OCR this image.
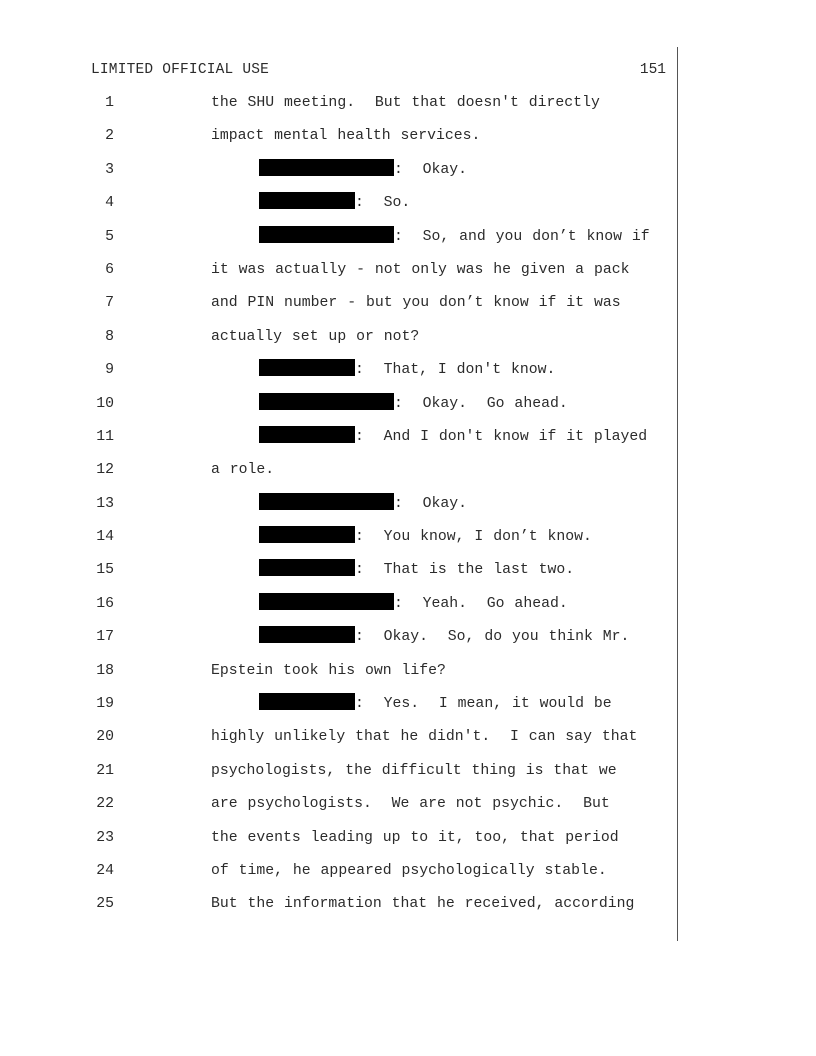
LIMITED OFFICIAL USE	151
1	the SHU meeting.  But that doesn't directly
2	impact mental health services.
3	:  Okay.
4	:  So.
5	:  So, and you don’t know if
6	it was actually - not only was he given a pack
7	and PIN number - but you don’t know if it was
8	actually set up or not?
9	:  That, I don't know.
10	:  Okay.  Go ahead.
11	:  And I don't know if it played
12	a role.
13	:  Okay.
14	:  You know, I don’t know.
15	:  That is the last two.
16	:  Yeah.  Go ahead.
17	:  Okay.  So, do you think Mr.
18	Epstein took his own life?
19	:  Yes.  I mean, it would be
20	highly unlikely that he didn't.  I can say that
21	psychologists, the difficult thing is that we
22	are psychologists.  We are not psychic.  But
23	the events leading up to it, too, that period
24	of time, he appeared psychologically stable.
25	But the information that he received, according
